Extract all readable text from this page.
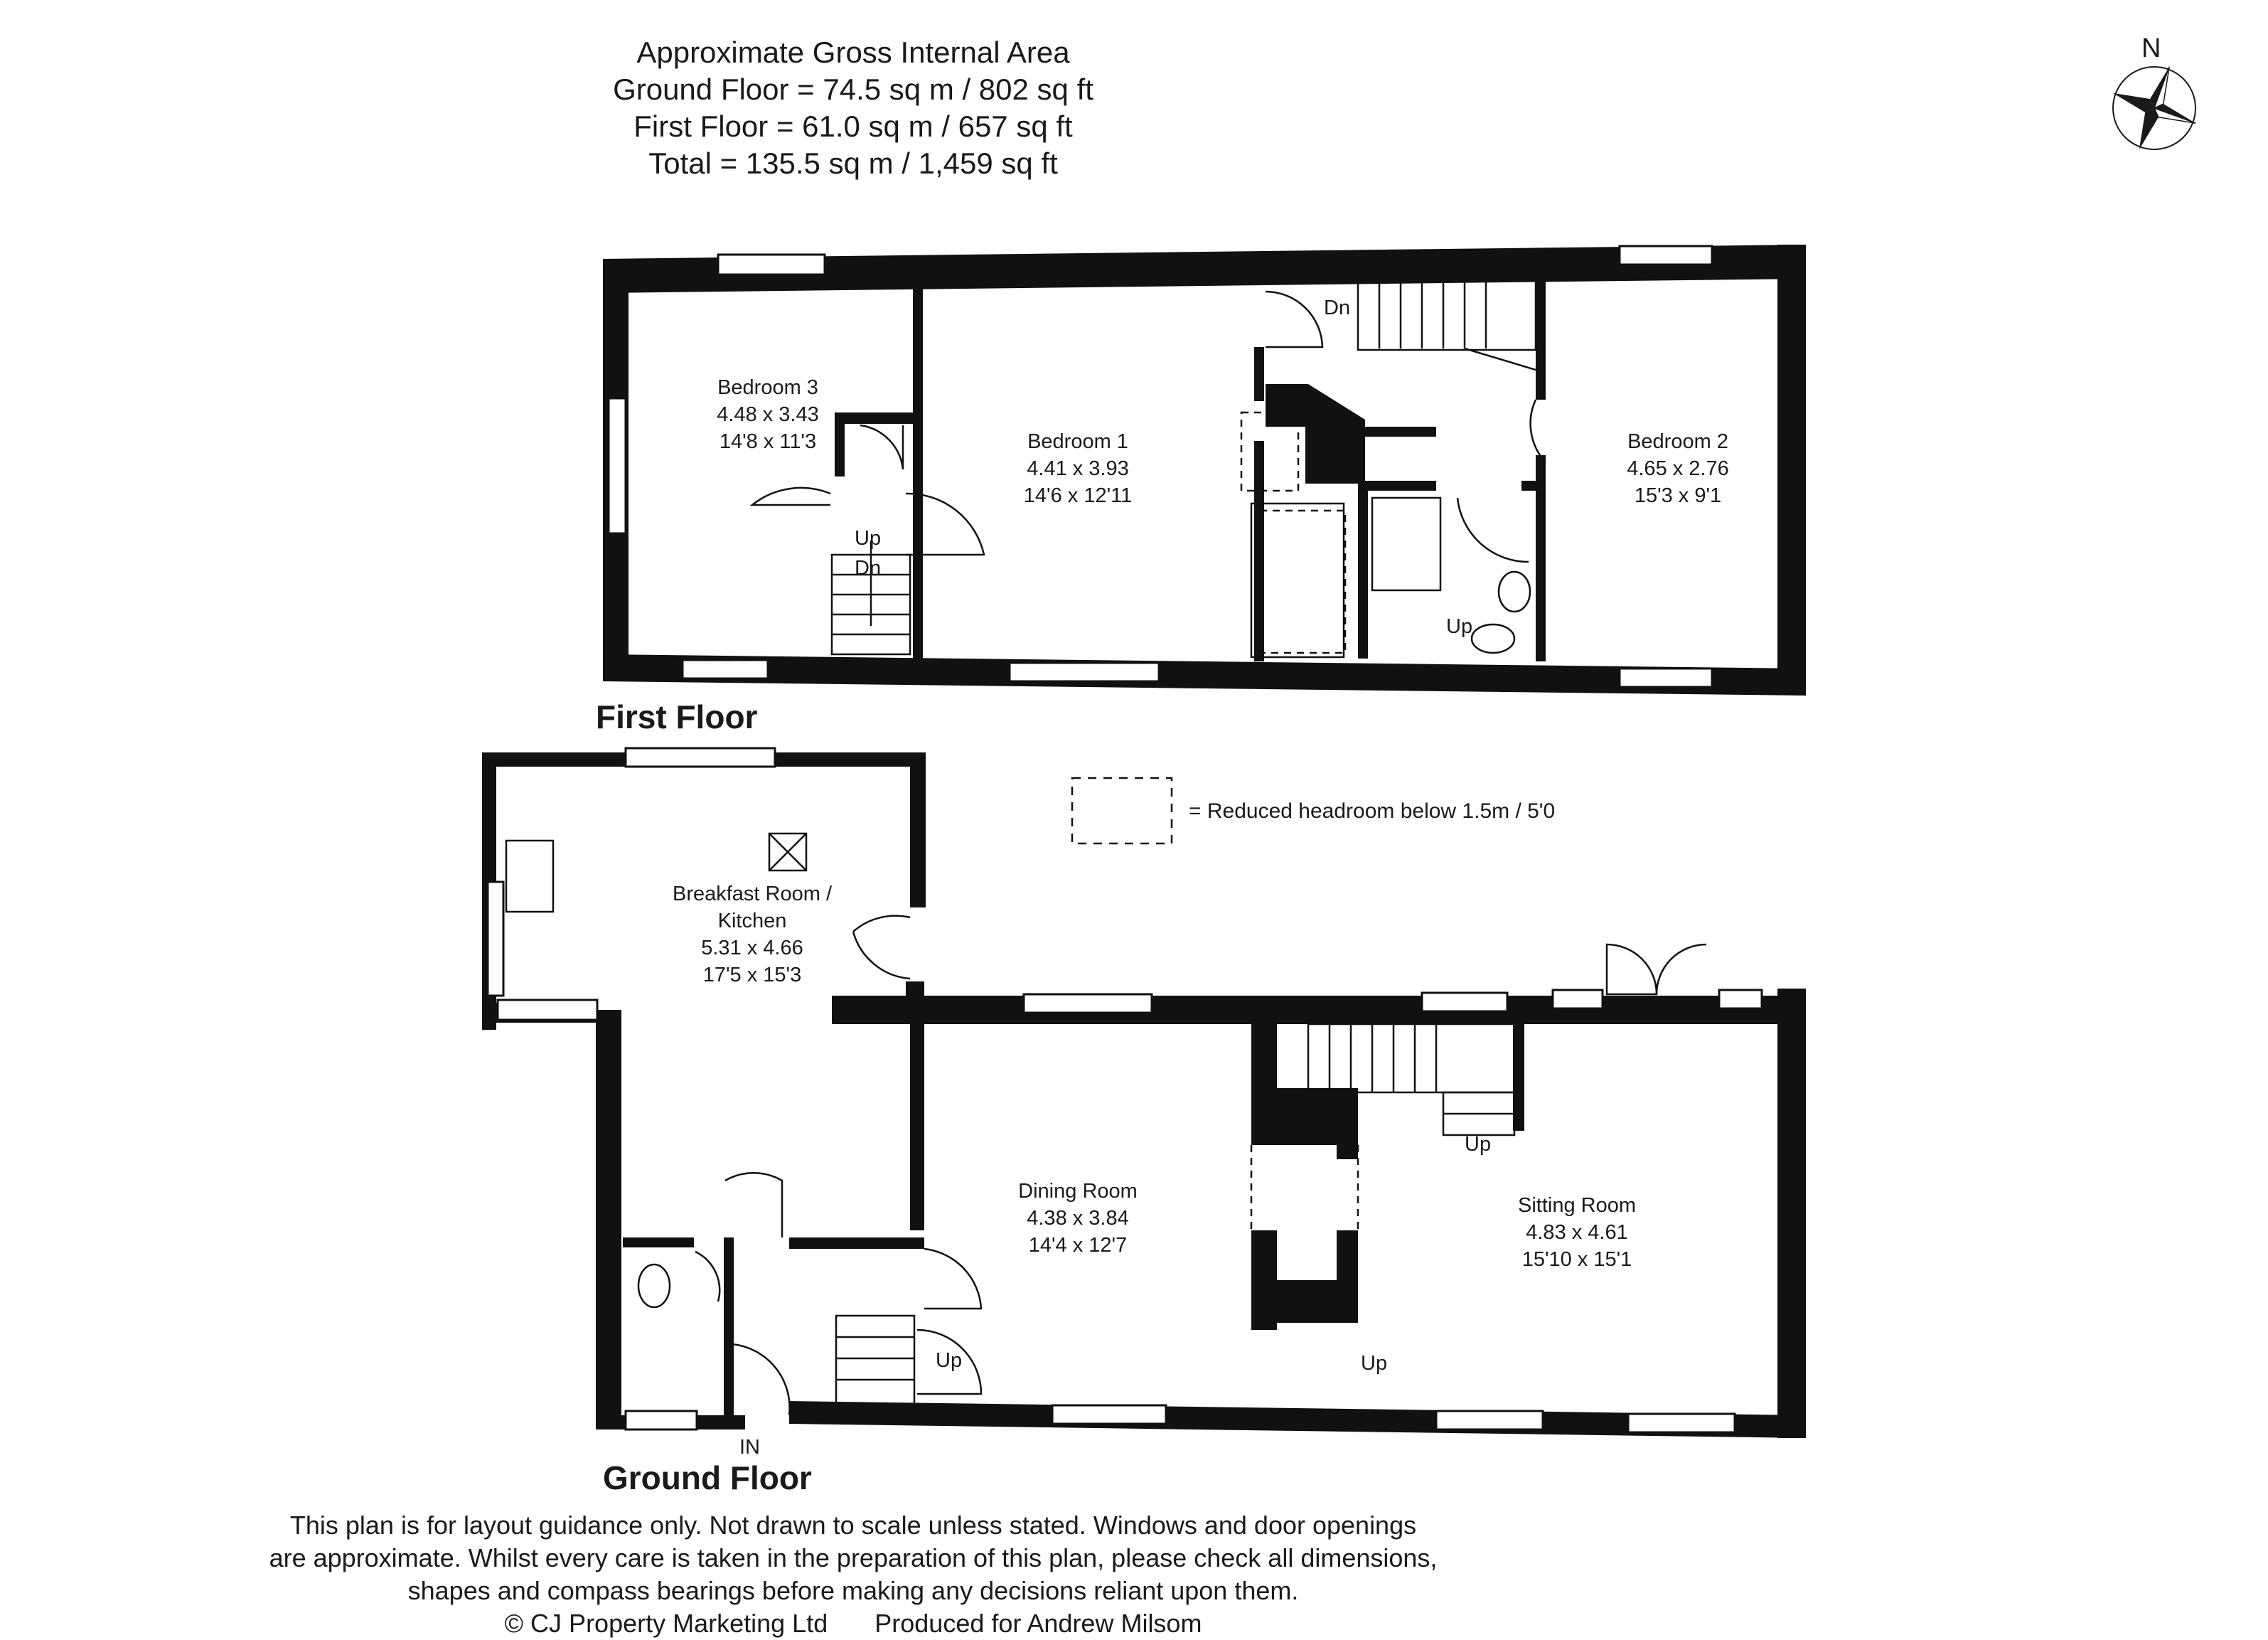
Approximate Gross Internal Area
Ground Floor = 74.5 sq m / 802 sq ft
First Floor = 61.0 sq m / 657 sq ft
Total = 135.5 sq m / 1,459 sq ft
N
= Reduced headroom below 1.5m / 5'0
Bedroom 3
4.48 x 3.43
14'8 x 11'3	Bedroom 1
4.41 x 3.93
14'6 x 12'11
Bedroom 2
4.65 x 2.76
15'3 x 9'1
Up
Dn
Dn
Up
First Floor
Breakfast Room /
Kitchen
5.31 x 4.66
17'5 x 15'3
Dining Room
4.38 x 3.84
14'4 x 12'7
Sitting Room
4.83 x 4.61
15'10 x 15'1
Up
Up	Up
IN
Ground Floor
This plan is for layout guidance only. Not drawn to scale unless stated. Windows and door openings
are approximate. Whilst every care is taken in the preparation of this plan, please check all dimensions,
shapes and compass bearings before making any decisions reliant upon them.
© CJ Property Marketing Ltd Produced for Andrew Milsom
